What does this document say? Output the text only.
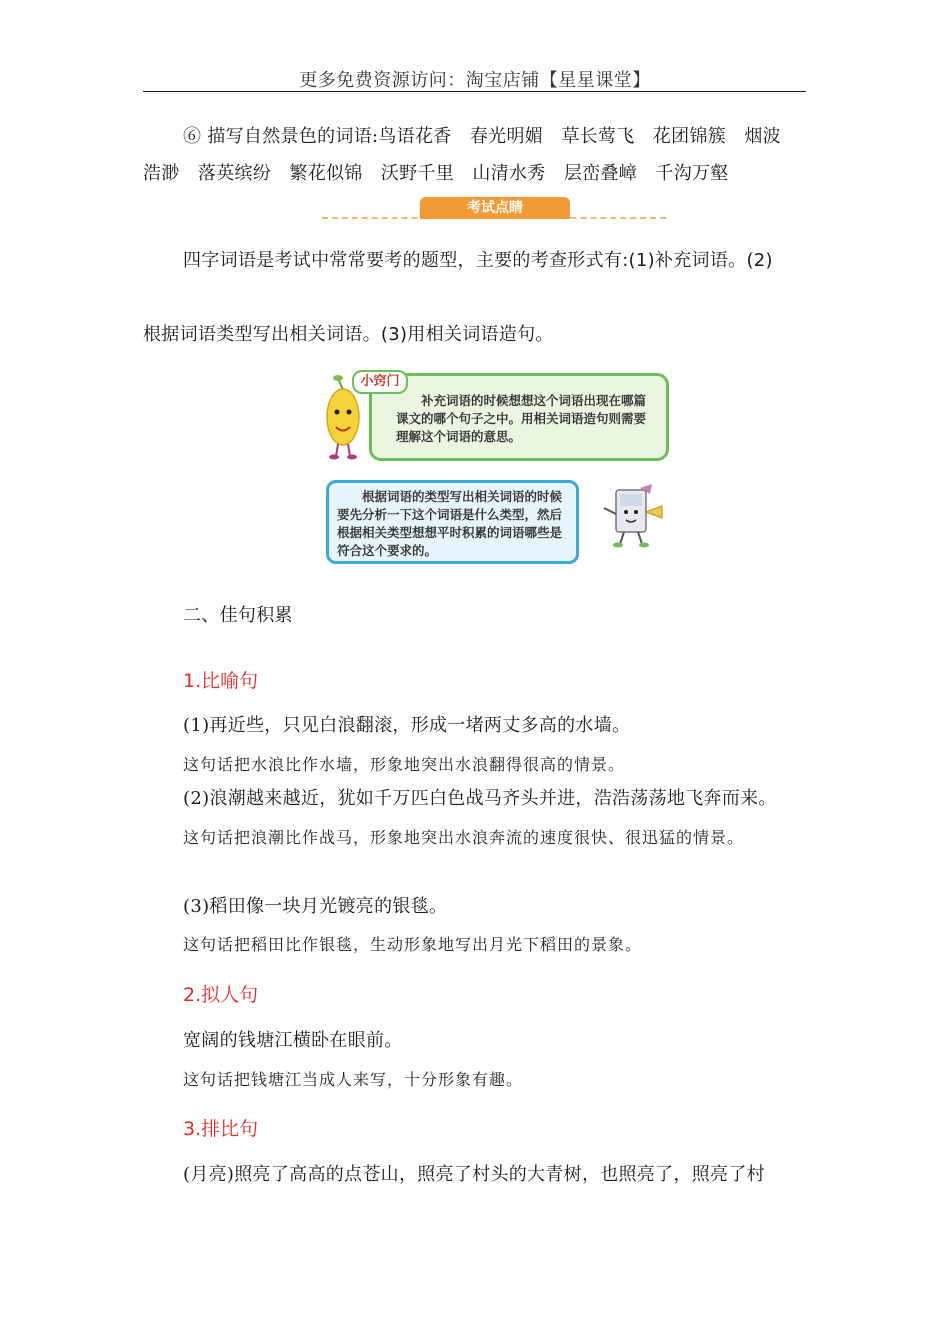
更多免费资源访问：淘宝店铺【星星课堂】
⑥ 描写自然景色的词语:鸟语花香　春光明媚　草长莺飞　花团锦簇　烟波
浩渺　落英缤纷　繁花似锦　沃野千里　山清水秀　层峦叠嶂　千沟万壑
考试点睛
四字词语是考试中常常要考的题型，主要的考查形式有:(1)补充词语。(2)
根据词语类型写出相关词语。(3)用相关词语造句。
补充词语的时候想想这个词语出现在哪篇课文的哪个句子之中。用相关词语造句则需要理解这个词语的意思。
小窍门
根据词语的类型写出相关词语的时候要先分析一下这个词语是什么类型，然后根据相关类型想想平时积累的词语哪些是符合这个要求的。
二、佳句积累
1.比喻句
(1)再近些，只见白浪翻滚，形成一堵两丈多高的水墙。
这句话把水浪比作水墙，形象地突出水浪翻得很高的情景。
(2)浪潮越来越近，犹如千万匹白色战马齐头并进，浩浩荡荡地飞奔而来。
这句话把浪潮比作战马，形象地突出水浪奔流的速度很快、很迅猛的情景。
(3)稻田像一块月光镀亮的银毯。
这句话把稻田比作银毯，生动形象地写出月光下稻田的景象。
2.拟人句
宽阔的钱塘江横卧在眼前。
这句话把钱塘江当成人来写，十分形象有趣。
3.排比句
(月亮)照亮了高高的点苍山，照亮了村头的大青树，也照亮了，照亮了村
